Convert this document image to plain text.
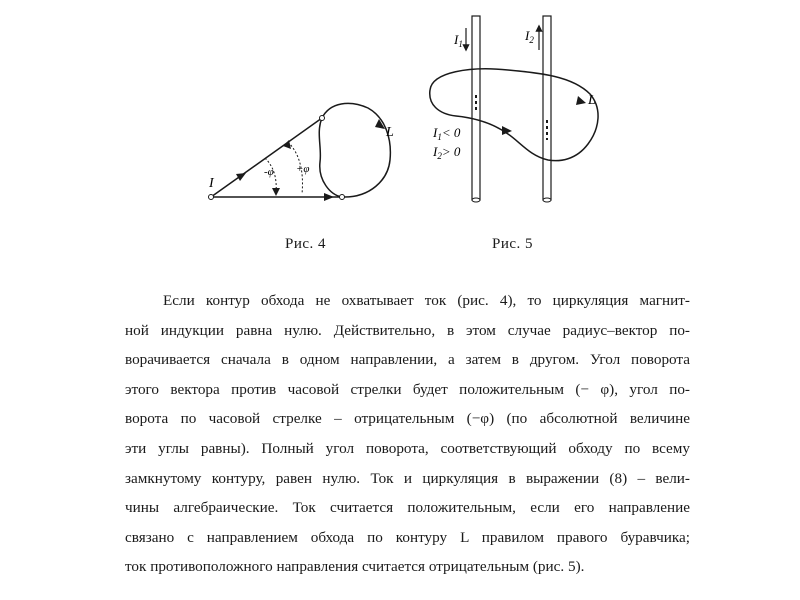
I
L
-φ +φ
$I_1$
$I_2$
L
$I_1< 0$
$I_2> 0$
Рис. 4	Рис. 5
Если контур обхода не охватывает ток (рис. 4), то циркуляция магнит-
ной индукции равна нулю. Действительно, в этом случае радиус–вектор по-
ворачивается сначала в одном направлении, а затем в другом. Угол поворота
этого вектора против часовой стрелки будет положительным (− φ), угол по-
ворота по часовой стрелке – отрицательным (−φ) (по абсолютной величине
эти углы равны). Полный угол поворота, соответствующий обходу по всему
замкнутому контуру, равен нулю. Ток и циркуляция в выражении (8) – вели-
чины алгебраические. Ток считается положительным, если его направление
связано с направлением обхода по контуру L правилом правого буравчика;
ток противоположного направления считается отрицательным (рис. 5).
